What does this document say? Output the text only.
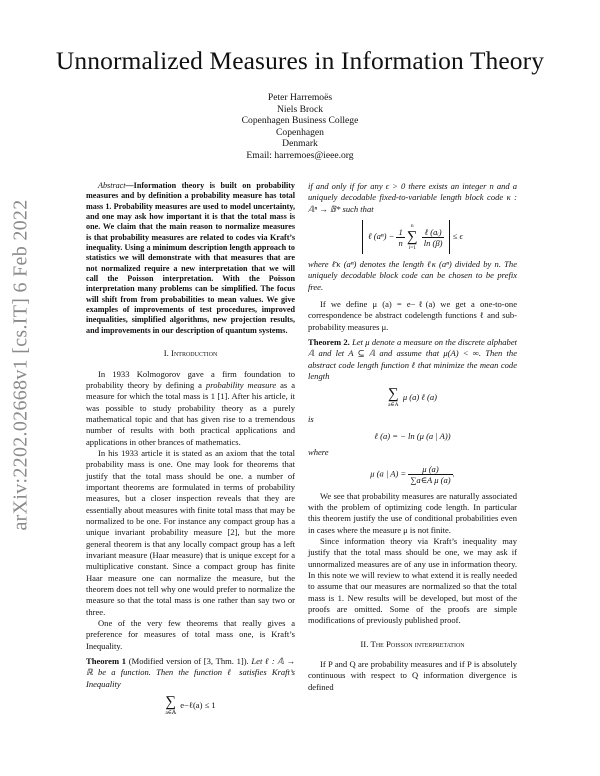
arXiv:2202.02668v1 [cs.IT] 6 Feb 2022
Unnormalized Measures in Information Theory
Peter Harremoës
Niels Brock
Copenhagen Business College
Copenhagen
Denmark
Email: harremoes@ieee.org

Abstract—Information theory is built on probability measures and by definition a probability measure has total mass 1. Probability measures are used to model uncertainty, and one may ask how important it is that the total mass is one. We claim that the main reason to normalize measures is that probability measures are related to codes via Kraft’s inequality. Using a minimum description length approach to statistics we will demonstrate with that measures that are not normalized require a new interpretation that we will call the Poisson interpretation. With the Poisson interpretation many problems can be simplified. The focus will shift from from probabilities to mean values. We give examples of improvements of test procedures, improved inequalities, simplified algorithms, new projection results, and improvements in our description of quantum systems.

I. Introduction

In 1933 Kolmogorov gave a firm foundation to probability theory by defining a probability measure as a measure for which the total mass is 1 [1]. After his article, it was possible to study probability theory as a purely mathematical topic and that has given rise to a tremendous number of results with both practical applications and applications in other brances of mathematics.

In his 1933 article it is stated as an axiom that the total probability mass is one. One may look for theorems that justify that the total mass should be one. a number of important theorems are formulated in terms of probability measures, but a closer inspection reveals that they are essentially about measures with finite total mass that may be normalized to be one. For instance any compact group has a unique invariant probability measure [2], but the more general theorem is that any locally compact group has a left invariant measure (Haar measure) that is unique except for a multiplicative constant. Since a compact group has finite Haar measure one can normalize the measure, but the theorem does not tell why one would prefer to normalize the measure so that the total mass is one rather than say two or three.

One of the very few theorems that really gives a preference for measures of total mass one, is Kraft’s Inequality.

Theorem 1 (Modified version of [3, Thm. 1]). Let ℓ : 𝔸 → ℝ be a function. Then the function ℓ satisfies Kraft’s Inequality

∑
a∈𝔸
e−ℓ(a) ≤ 1

if and only if for any ϵ > 0 there exists an integer n and a uniquely decodable fixed-to-variable length block code κ : 𝔸ⁿ → 𝔹* such that

ℓ $(a^n) - \frac{1}{n}$

n
∑
i=1

$\frac{\text{ℓ (aᵢ)}}{\ln (\beta)} \le \epsilon$

where ℓ̄κ (aⁿ) denotes the length ℓκ (aⁿ) divided by n. The uniquely decodable block code can be chosen to be prefix free.

If we define μ (a) = e−ℓ(a) we get a one-to-one correspondence be abstract codelength functions ℓ and sub-probability measures μ.

Theorem 2. Let μ denote a measure on the discrete alphabet 𝔸 and let A ⊆ 𝔸 and assume that μ(A) < ∞. Then the abstract code length function ℓ that minimize the mean code length

∑
a∈A
μ (a) ℓ (a)

is

ℓ (a) = − ln (μ (a | A))

where

μ (a | $A) = \frac{\mu (a)}{\text{∑a∈A μ (a)}}$ .

We see that probability measures are naturally associated with the problem of optimizing code length. In particular this theorem justify the use of conditional probabilities even in cases where the measure μ is not finite.

Since information theory via Kraft’s inequality may justify that the total mass should be one, we may ask if unnormalized measures are of any use in information theory. In this note we will review to what extend it is really needed to assume that our measures are normalized so that the total mass is 1. New results will be developed, but most of the proofs are omitted. Some of the proofs are simple modifications of previously published proof.

II. The Poisson interpretation

If P and Q are probability measures and if P is absolutely continuous with respect to Q information divergence is defined
